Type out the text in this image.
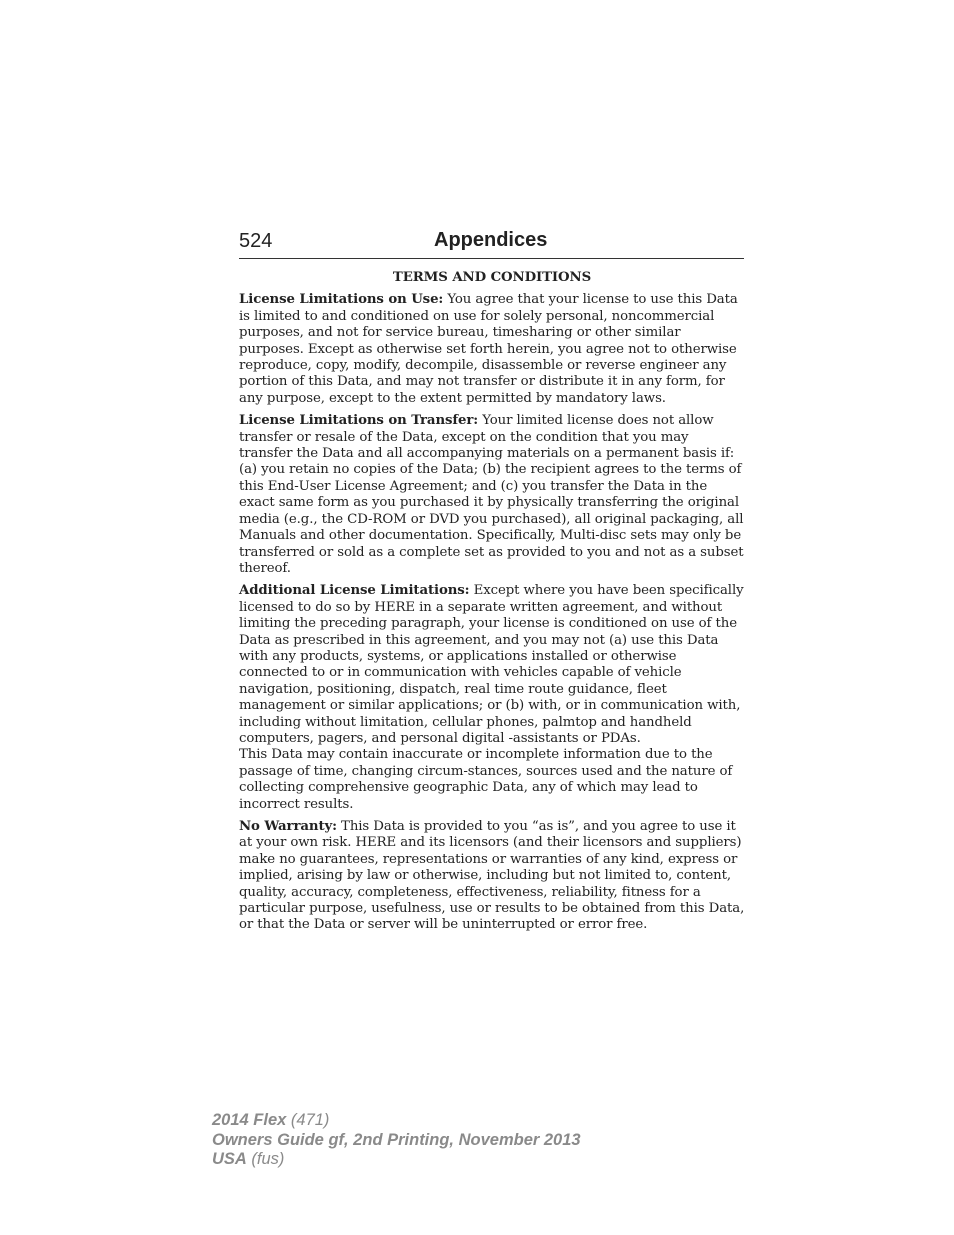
524	Appendices
TERMS AND CONDITIONS

License Limitations on Use: You agree that your license to use this Data is limited to and conditioned on use for solely personal, noncommercial purposes, and not for service bureau, timesharing or other similar purposes. Except as otherwise set forth herein, you agree not to otherwise reproduce, copy, modify, decompile, disassemble or reverse engineer any portion of this Data, and may not transfer or distribute it in any form, for any purpose, except to the extent permitted by mandatory laws.

License Limitations on Transfer: Your limited license does not allow transfer or resale of the Data, except on the condition that you may transfer the Data and all accompanying materials on a permanent basis if: (a) you retain no copies of the Data; (b) the recipient agrees to the terms of this End-User License Agreement; and (c) you transfer the Data in the exact same form as you purchased it by physically transferring the original media (e.g., the CD-ROM or DVD you purchased), all original packaging, all Manuals and other documentation. Specifically, Multi-disc sets may only be transferred or sold as a complete set as provided to you and not as a subset thereof.

Additional License Limitations: Except where you have been specifically licensed to do so by HERE in a separate written agreement, and without limiting the preceding paragraph, your license is conditioned on use of the Data as prescribed in this agreement, and you may not (a) use this Data with any products, systems, or applications installed or otherwise connected to or in communication with vehicles capable of vehicle navigation, positioning, dispatch, real time route guidance, fleet management or similar applications; or (b) with, or in communication with, including without limitation, cellular phones, palmtop and handheld computers, pagers, and personal digital -assistants or PDAs.

This Data may contain inaccurate or incomplete information due to the passage of time, changing circum-stances, sources used and the nature of collecting comprehensive geographic Data, any of which may lead to incorrect results.

No Warranty: This Data is provided to you “as is”, and you agree to use it at your own risk. HERE and its licensors (and their licensors and suppliers) make no guarantees, representations or warranties of any kind, express or implied, arising by law or otherwise, including but not limited to, content, quality, accuracy, completeness, effectiveness, reliability, fitness for a particular purpose, usefulness, use or results to be obtained from this Data, or that the Data or server will be uninterrupted or error free.

2014 Flex (471)
Owners Guide gf, 2nd Printing, November 2013
USA (fus)
